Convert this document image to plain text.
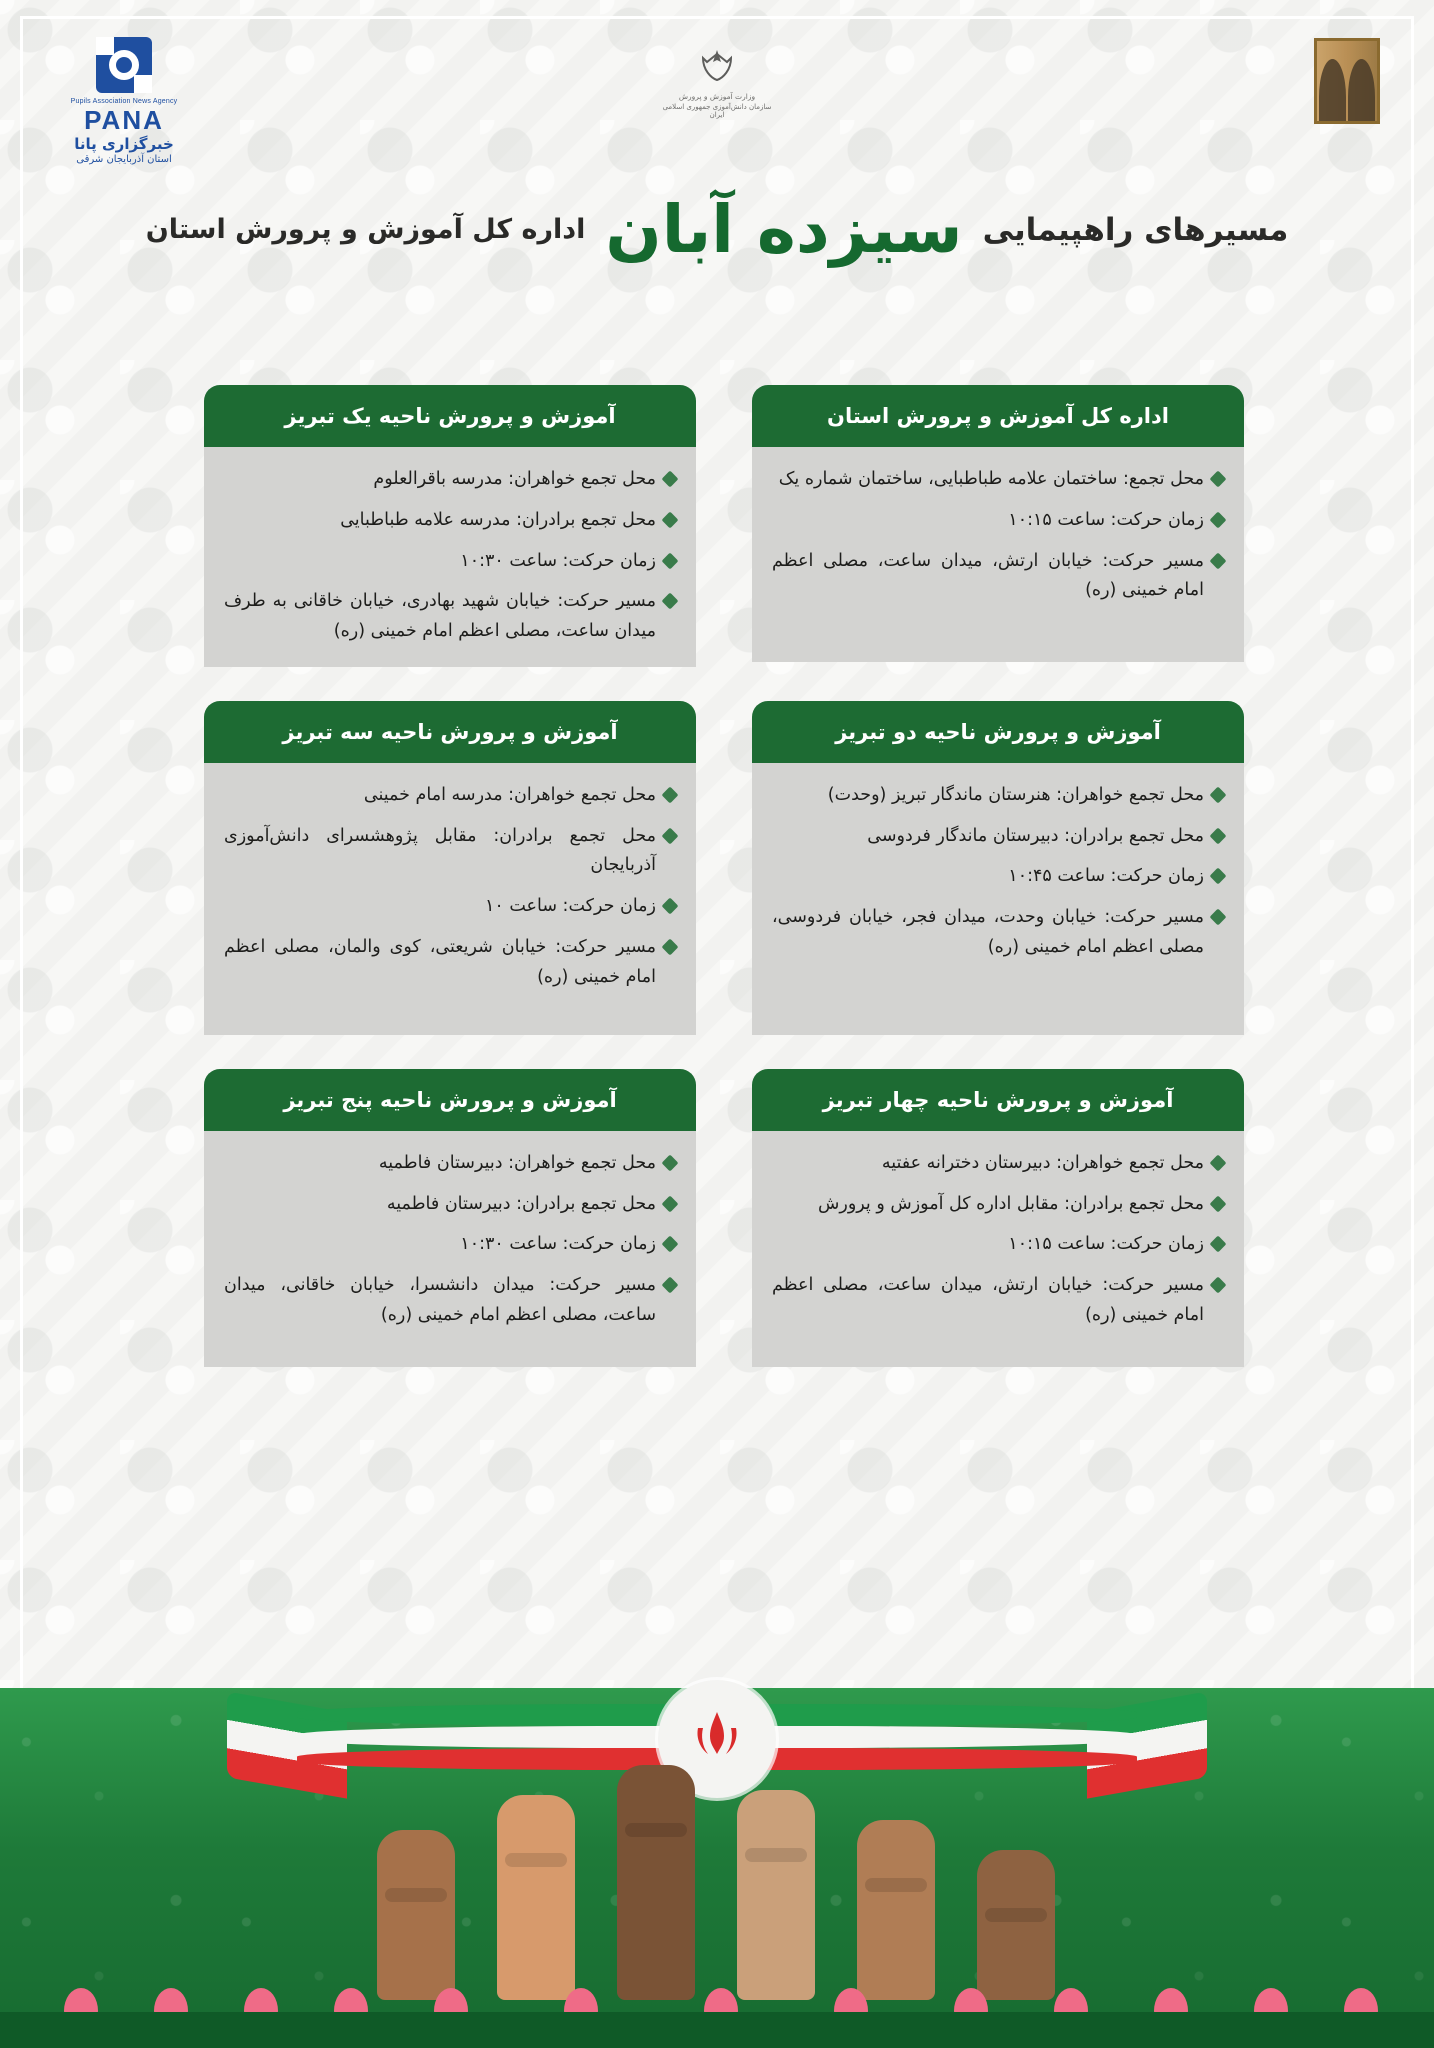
Pupils Association News Agency
PANA
خبرگزاری پانا
استان آذربایجان شرقی
وزارت آموزش و پرورش
سازمان دانش‌آموزی جمهوری اسلامی ایران
مسیرهای راهپیمایی
سیزده آبان
اداره کل آموزش و پرورش استان
اداره کل آموزش و پرورش استان
محل تجمع: ساختمان علامه طباطبایی، ساختمان شماره یک
زمان حرکت: ساعت ۱۰:۱۵
مسیر حرکت: خیابان ارتش، میدان ساعت، مصلی اعظم امام خمینی (ره)
آموزش و پرورش ناحیه یک تبریز
محل تجمع خواهران: مدرسه باقرالعلوم
محل تجمع برادران: مدرسه علامه طباطبایی
زمان حرکت: ساعت ۱۰:۳۰
مسیر حرکت: خیابان شهید بهادری، خیابان خاقانی به طرف میدان ساعت، مصلی اعظم امام خمینی (ره)
آموزش و پرورش ناحیه دو تبریز
محل تجمع خواهران: هنرستان ماندگار تبریز (وحدت)
محل تجمع برادران: دبیرستان ماندگار فردوسی
زمان حرکت: ساعت ۱۰:۴۵
مسیر حرکت: خیابان وحدت، میدان فجر، خیابان فردوسی، مصلی اعظم امام خمینی (ره)
آموزش و پرورش ناحیه سه تبریز
محل تجمع خواهران: مدرسه امام خمینی
محل تجمع برادران: مقابل پژوهشسرای دانش‌آموزی آذربایجان
زمان حرکت: ساعت ۱۰
مسیر حرکت: خیابان شریعتی، کوی والمان، مصلی اعظم امام خمینی (ره)
آموزش و پرورش ناحیه چهار تبریز
محل تجمع خواهران: دبیرستان دخترانه عفتیه
محل تجمع برادران: مقابل اداره کل آموزش و پرورش
زمان حرکت: ساعت ۱۰:۱۵
مسیر حرکت: خیابان ارتش، میدان ساعت، مصلی اعظم امام خمینی (ره)
آموزش و پرورش ناحیه پنج تبریز
محل تجمع خواهران: دبیرستان فاطمیه
محل تجمع برادران: دبیرستان فاطمیه
زمان حرکت: ساعت ۱۰:۳۰
مسیر حرکت: میدان دانشسرا، خیابان خاقانی، میدان ساعت، مصلی اعظم امام خمینی (ره)
